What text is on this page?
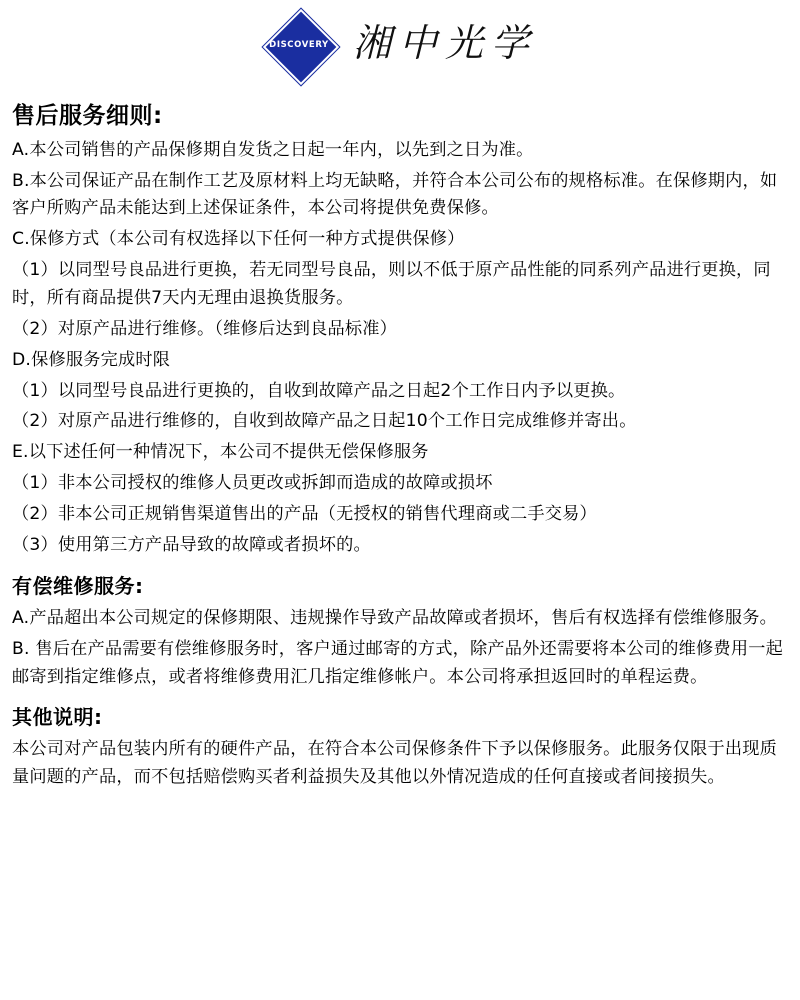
DISCOVERY 湘中光学
售后服务细则:

A.本公司销售的产品保修期自发货之日起一年内，以先到之日为准。

B.本公司保证产品在制作工艺及原材料上均无缺略，并符合本公司公布的规格标准。在保修期内，如客户所购产品未能达到上述保证条件，本公司将提供免费保修。

C.保修方式（本公司有权选择以下任何一种方式提供保修）

（1）以同型号良品进行更换，若无同型号良品，则以不低于原产品性能的同系列产品进行更换，同时，所有商品提供7天内无理由退换货服务。

（2）对原产品进行维修。（维修后达到良品标准）

D.保修服务完成时限

（1）以同型号良品进行更换的，自收到故障产品之日起2个工作日内予以更换。

（2）对原产品进行维修的，自收到故障产品之日起10个工作日完成维修并寄出。

E.以下述任何一种情况下，本公司不提供无偿保修服务

（1）非本公司授权的维修人员更改或拆卸而造成的故障或损坏

（2）非本公司正规销售渠道售出的产品（无授权的销售代理商或二手交易）

（3）使用第三方产品导致的故障或者损坏的。

有偿维修服务:

A.产品超出本公司规定的保修期限、违规操作导致产品故障或者损坏，售后有权选择有偿维修服务。

B. 售后在产品需要有偿维修服务时，客户通过邮寄的方式，除产品外还需要将本公司的维修费用一起邮寄到指定维修点，或者将维修费用汇几指定维修帐户。本公司将承担返回时的单程运费。

其他说明:

本公司对产品包装内所有的硬件产品，在符合本公司保修条件下予以保修服务。此服务仅限于出现质量问题的产品，而不包括赔偿购买者利益损失及其他以外情况造成的任何直接或者间接损失。
